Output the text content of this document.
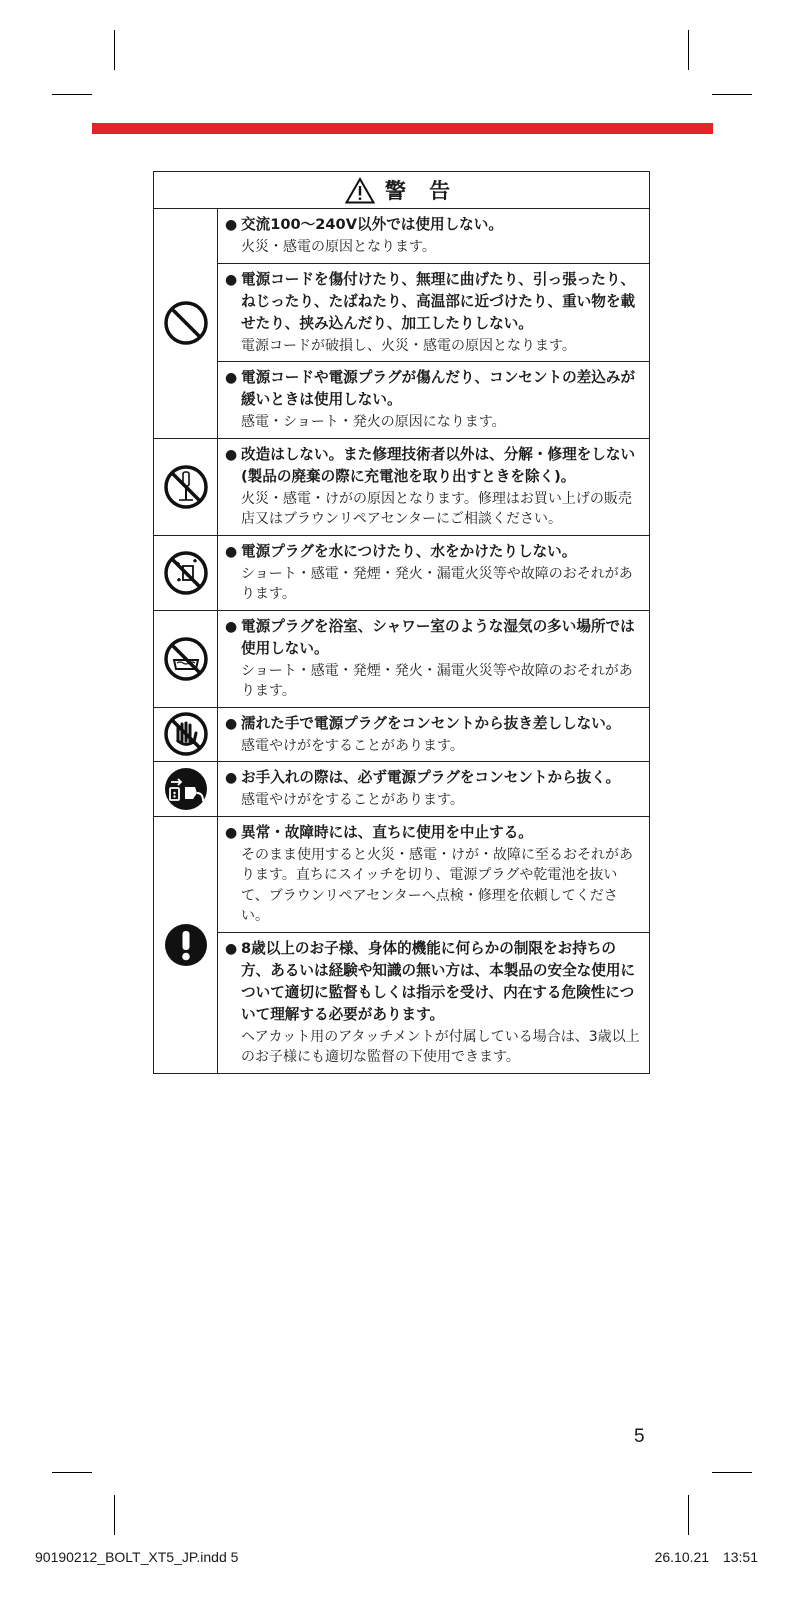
警 告	

● 交流100〜240V以外では使用しない。

火災・感電の原因となります。

	● 電源コードを傷付けたり、無理に曲げたり、引っ張ったり、ねじったり、たばねたり、高温部に近づけたり、重い物を載せたり、挟み込んだり、加工したりしない。

電源コードが破損し、火災・感電の原因となります。

	● 電源コードや電源プラグが傷んだり、コンセントの差込みが緩いときは使用しない。

感電・ショート・発火の原因になります。

● 改造はしない。また修理技術者以外は、分解・修理をしない(製品の廃棄の際に充電池を取り出すときを除く)。

火災・感電・けがの原因となります。修理はお買い上げの販売店又はブラウンリペアセンターにご相談ください。

● 電源プラグを水につけたり、水をかけたりしない。

ショート・感電・発煙・発火・漏電火災等や故障のおそれがあります。

● 電源プラグを浴室、シャワー室のような湿気の多い場所では使用しない。

ショート・感電・発煙・発火・漏電火災等や故障のおそれがあります。

● 濡れた手で電源プラグをコンセントから抜き差ししない。

感電やけがをすることがあります。

● お手入れの際は、必ず電源プラグをコンセントから抜く。

感電やけがをすることがあります。

● 異常・故障時には、直ちに使用を中止する。

そのまま使用すると火災・感電・けが・故障に至るおそれがあります。直ちにスイッチを切り、電源プラグや乾電池を抜いて、ブラウンリペアセンターへ点検・修理を依頼してください。

	● 8歳以上のお子様、身体的機能に何らかの制限をお持ちの方、あるいは経験や知識の無い方は、本製品の安全な使用について適切に監督もしくは指示を受け、内在する危険性について理解する必要があります。

ヘアカット用のアタッチメントが付属している場合は、3歳以上のお子様にも適切な監督の下使用できます。

5
90190212_BOLT_XT5_JP.indd 5	26.10.21 13:51
